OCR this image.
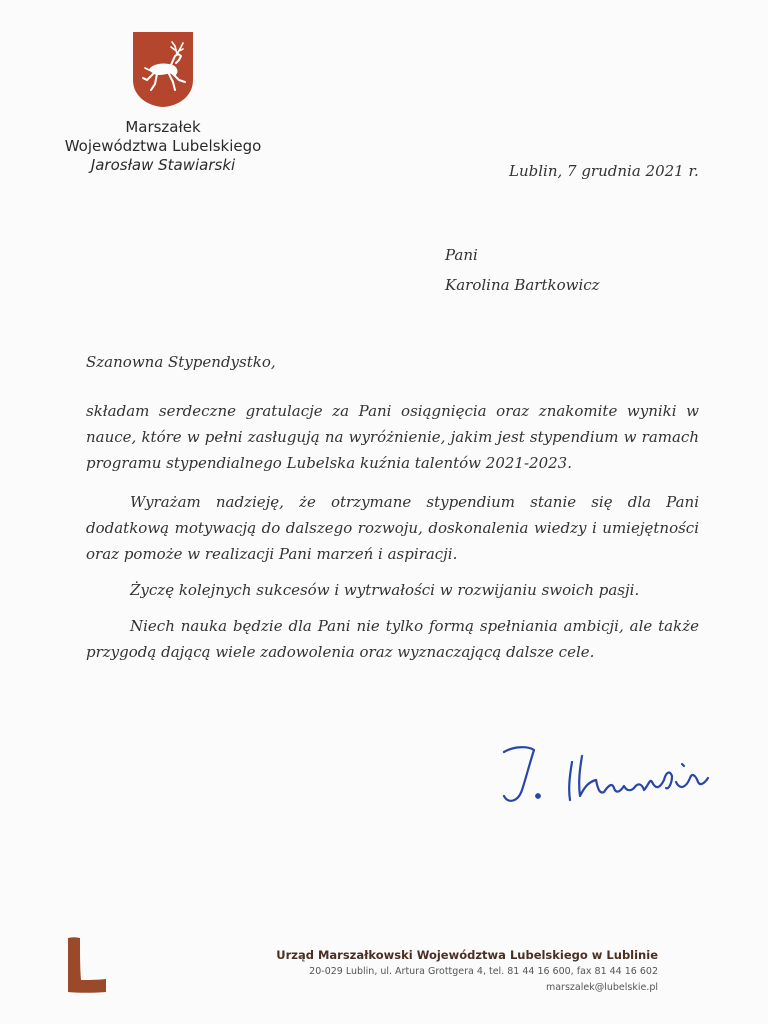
Marszałek
Województwa Lubelskiego
Jarosław Stawiarski	Lublin, 7 grudnia 2021 r.
Pani
Karolina Bartkowicz
Szanowna Stypendystko,

składam serdeczne gratulacje za Pani osiągnięcia oraz znakomite wyniki w nauce, które w pełni zasługują na wyróżnienie, jakim jest stypendium w ramach programu stypendialnego Lubelska kuźnia talentów 2021-2023.

Wyrażam nadzieję, że otrzymane stypendium stanie się dla Pani dodatkową motywacją do dalszego rozwoju, doskonalenia wiedzy i umiejętności oraz pomoże w realizacji Pani marzeń i aspiracji.

Życzę kolejnych sukcesów i wytrwałości w rozwijaniu swoich pasji.

Niech nauka będzie dla Pani nie tylko formą spełniania ambicji, ale także przygodą dającą wiele zadowolenia oraz wyznaczającą dalsze cele.

Urząd Marszałkowski Województwa Lubelskiego w Lublinie
20-029 Lublin, ul. Artura Grottgera 4, tel. 81 44 16 600, fax 81 44 16 602
marszalek@lubelskie.pl
